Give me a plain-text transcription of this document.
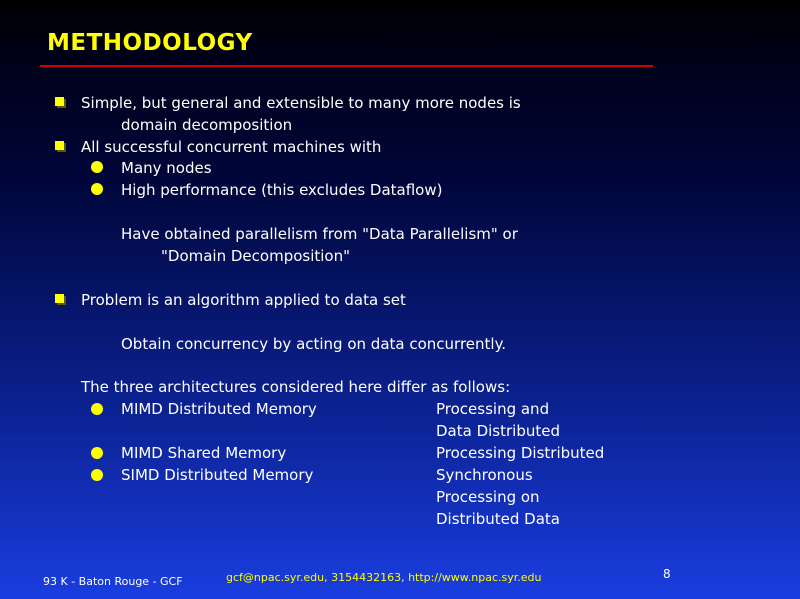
METHODOLOGY
Simple, but general and extensible to many more nodes is
domain decomposition
All successful concurrent machines with
Many nodes
High performance (this excludes Dataflow)
Have obtained parallelism from "Data Parallelism" or
"Domain Decomposition"
Problem is an algorithm applied to data set
Obtain concurrency by acting on data concurrently.
The three architectures considered here differ as follows:
MIMD Distributed Memory	Processing and
Data Distributed
MIMD Shared Memory	Processing Distributed
SIMD Distributed Memory	Synchronous
Processing on
Distributed Data
93 K - Baton Rouge - GCF	gcf@npac.syr.edu, 3154432163, http://www.npac.syr.edu	8
